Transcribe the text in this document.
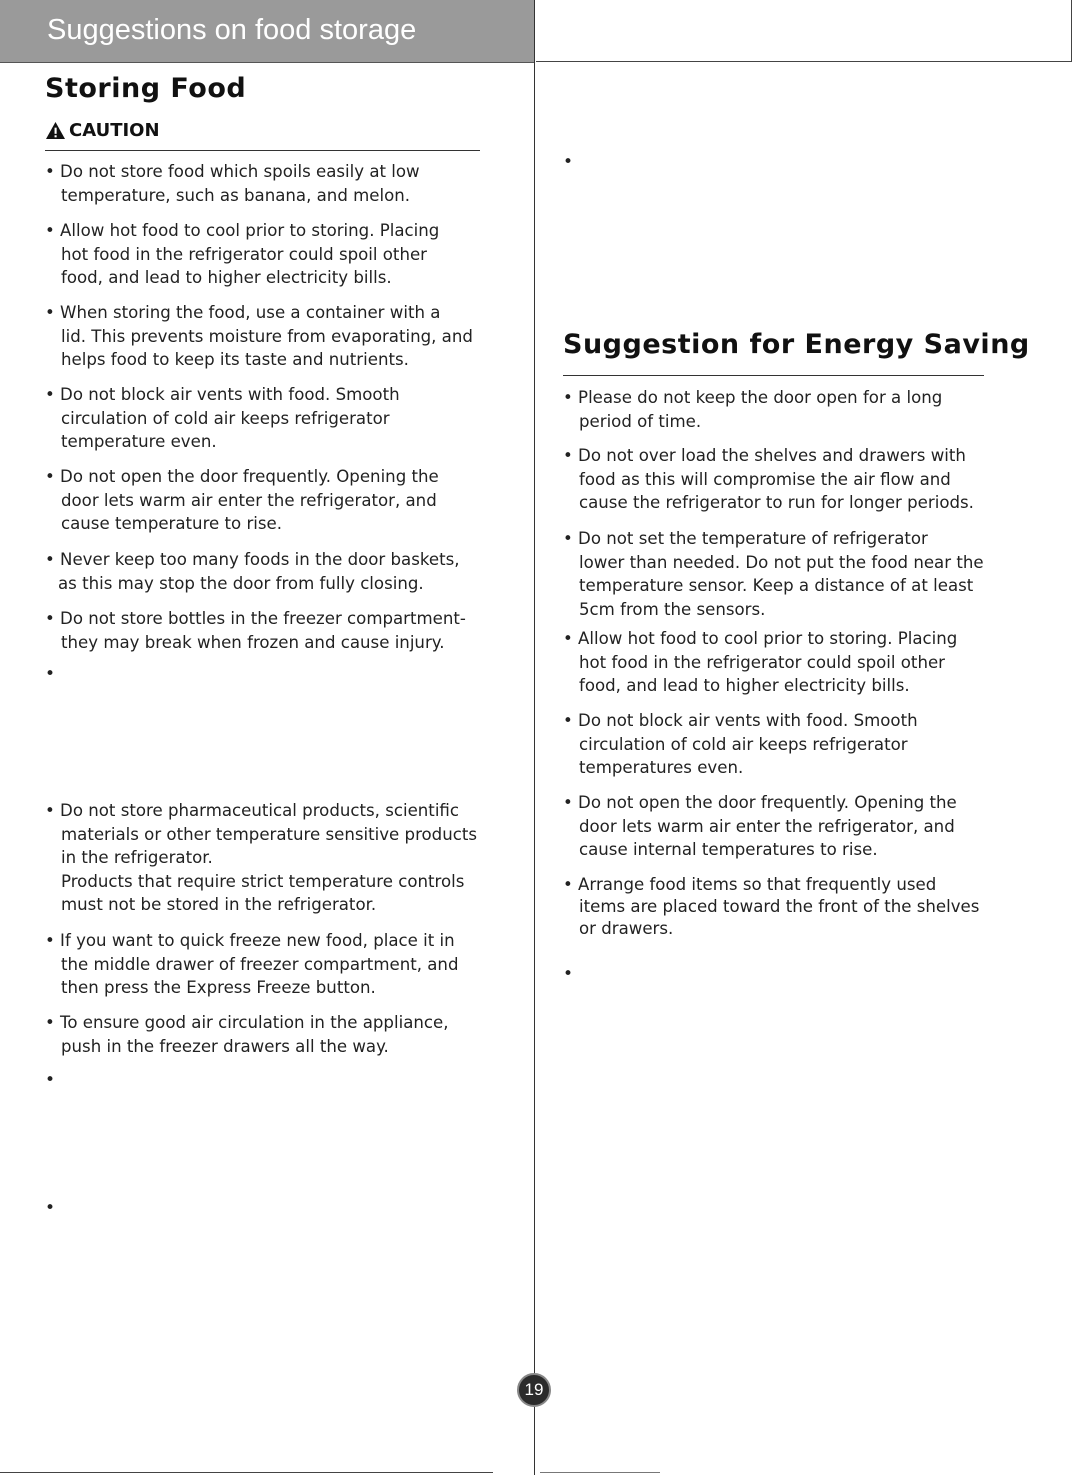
Suggestions on food storage
Storing Food
CAUTION
• Do not store food which spoils easily at low
temperature, such as banana, and melon.
• Allow hot food to cool prior to storing. Placing
hot food in the refrigerator could spoil other
food, and lead to higher electricity bills.
• When storing the food, use a container with a
lid. This prevents moisture from evaporating, and
helps food to keep its taste and nutrients.
• Do not block air vents with food. Smooth
circulation of cold air keeps refrigerator
temperature even.
• Do not open the door frequently. Opening the
door lets warm air enter the refrigerator, and
cause temperature to rise.
• Never keep too many foods in the door baskets,
as this may stop the door from fully closing.
• Do not store bottles in the freezer compartment-
they may break when frozen and cause injury.
•
• Do not store pharmaceutical products, scientific
materials or other temperature sensitive products
in the refrigerator.
Products that require strict temperature controls
must not be stored in the refrigerator.
• If you want to quick freeze new food, place it in
the middle drawer of freezer compartment, and
then press the Express Freeze button.
• To ensure good air circulation in the appliance,
push in the freezer drawers all the way.
•
•
•
Suggestion for Energy Saving
• Please do not keep the door open for a long
period of time.
• Do not over load the shelves and drawers with
food as this will compromise the air flow and
cause the refrigerator to run for longer periods.
• Do not set the temperature of refrigerator
lower than needed. Do not put the food near the
temperature sensor. Keep a distance of at least
5cm from the sensors.
• Allow hot food to cool prior to storing. Placing
hot food in the refrigerator could spoil other
food, and lead to higher electricity bills.
• Do not block air vents with food. Smooth
circulation of cold air keeps refrigerator
temperatures even.
• Do not open the door frequently. Opening the
door lets warm air enter the refrigerator, and
cause internal temperatures to rise.
• Arrange food items so that frequently used
items are placed toward the front of the shelves
or drawers.
•
19
